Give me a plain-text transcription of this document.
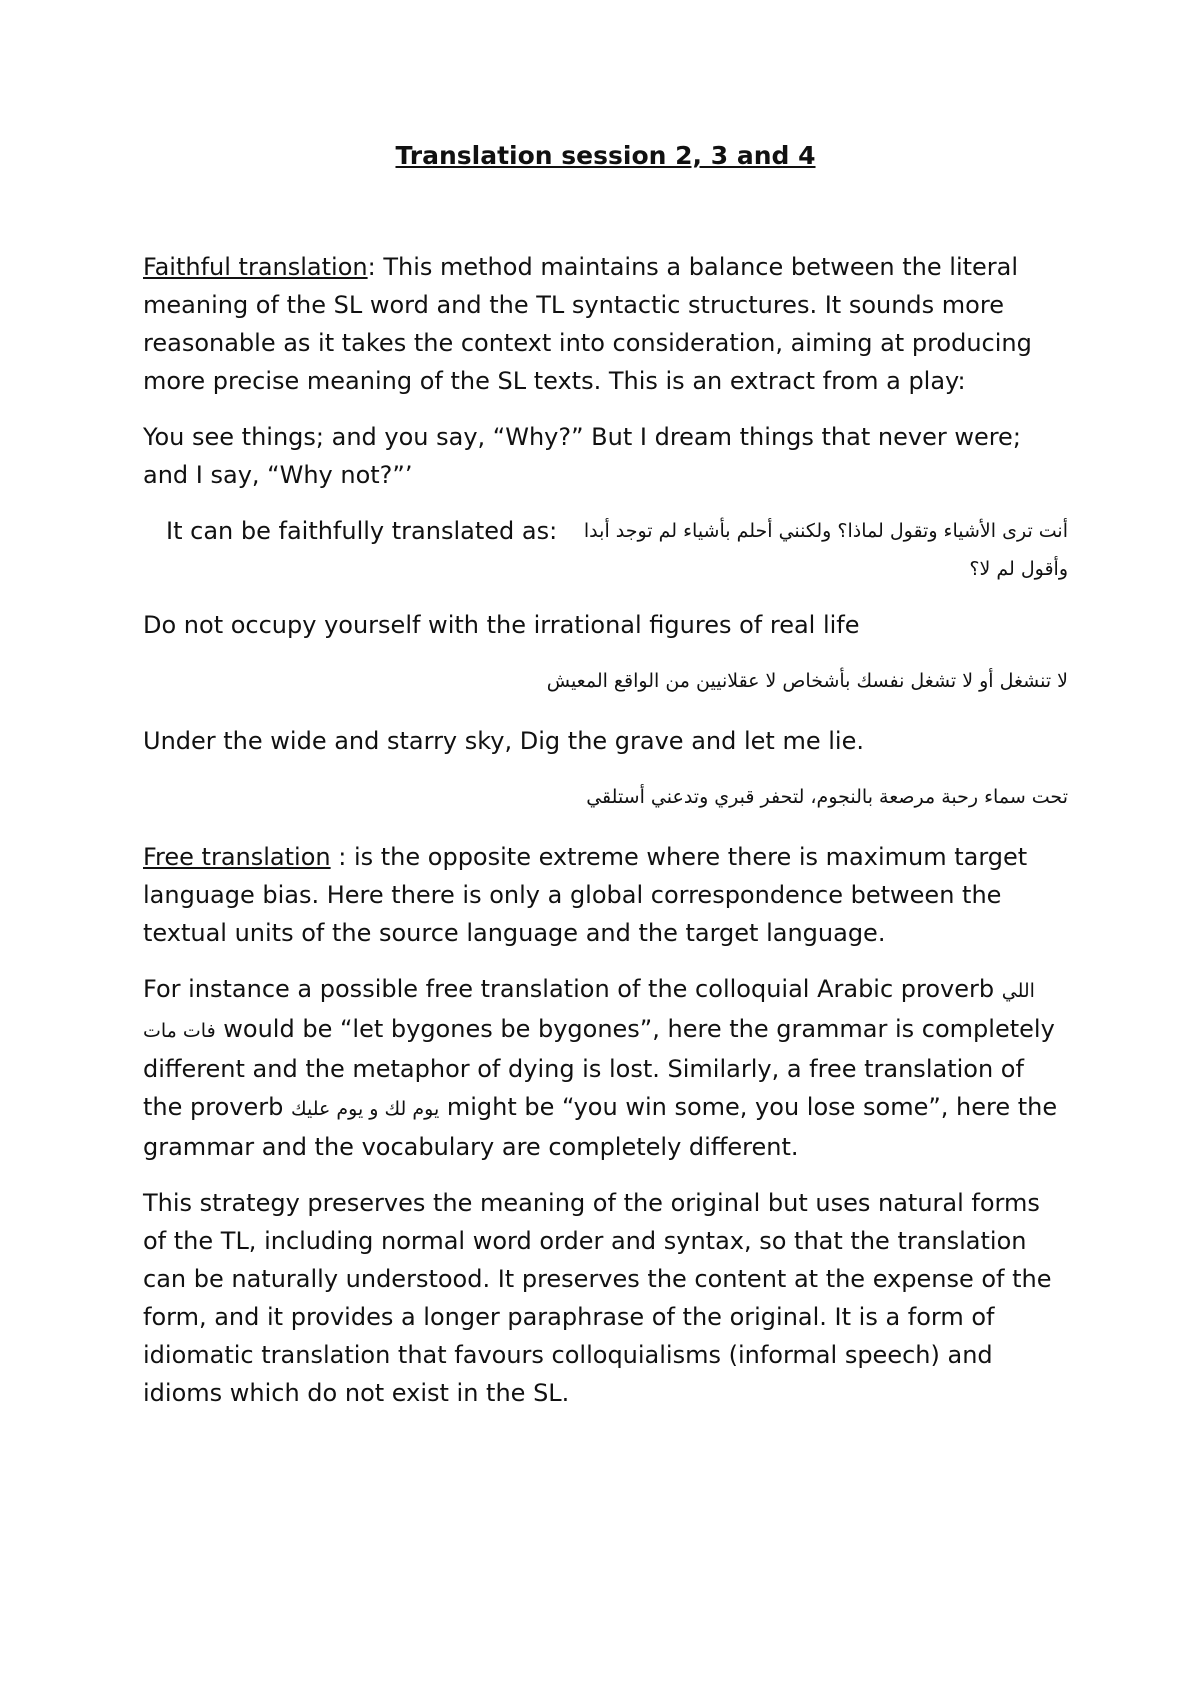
Translation session 2, 3 and 4

Faithful translation: This method maintains a balance between the literal meaning of the SL word and the TL syntactic structures. It sounds more reasonable as it takes the context into consideration, aiming at producing more precise meaning of the SL texts. This is an extract from a play:

You see things; and you say, “Why?” But I dream things that never were; and I say, “Why not?”’

It can be faithfully translated as:	أنت ترى الأشياء وتقول لماذا؟ ولكنني أحلم بأشياء لم توجد أبدا وأقول لم لا؟

Do not occupy yourself with the irrational figures of real life

لا تنشغل أو لا تشغل نفسك بأشخاص لا عقلانيين من الواقع المعيش

Under the wide and starry sky, Dig the grave and let me lie.

تحت سماء رحبة مرصعة بالنجوم، لتحفر قبري وتدعني أستلقي

Free translation : is the opposite extreme where there is maximum target language bias. Here there is only a global correspondence between the textual units of the source language and the target language.

For instance a possible free translation of the colloquial Arabic proverb اللي فات مات would be “let bygones be bygones”, here the grammar is completely different and the metaphor of dying is lost. Similarly, a free translation of the proverb يوم لك و يوم عليك might be “you win some, you lose some”, here the grammar and the vocabulary are completely different.

This strategy preserves the meaning of the original but uses natural forms of the TL, including normal word order and syntax, so that the translation can be naturally understood. It preserves the content at the expense of the form, and it provides a longer paraphrase of the original. It is a form of idiomatic translation that favours colloquialisms (informal speech) and idioms which do not exist in the SL.
